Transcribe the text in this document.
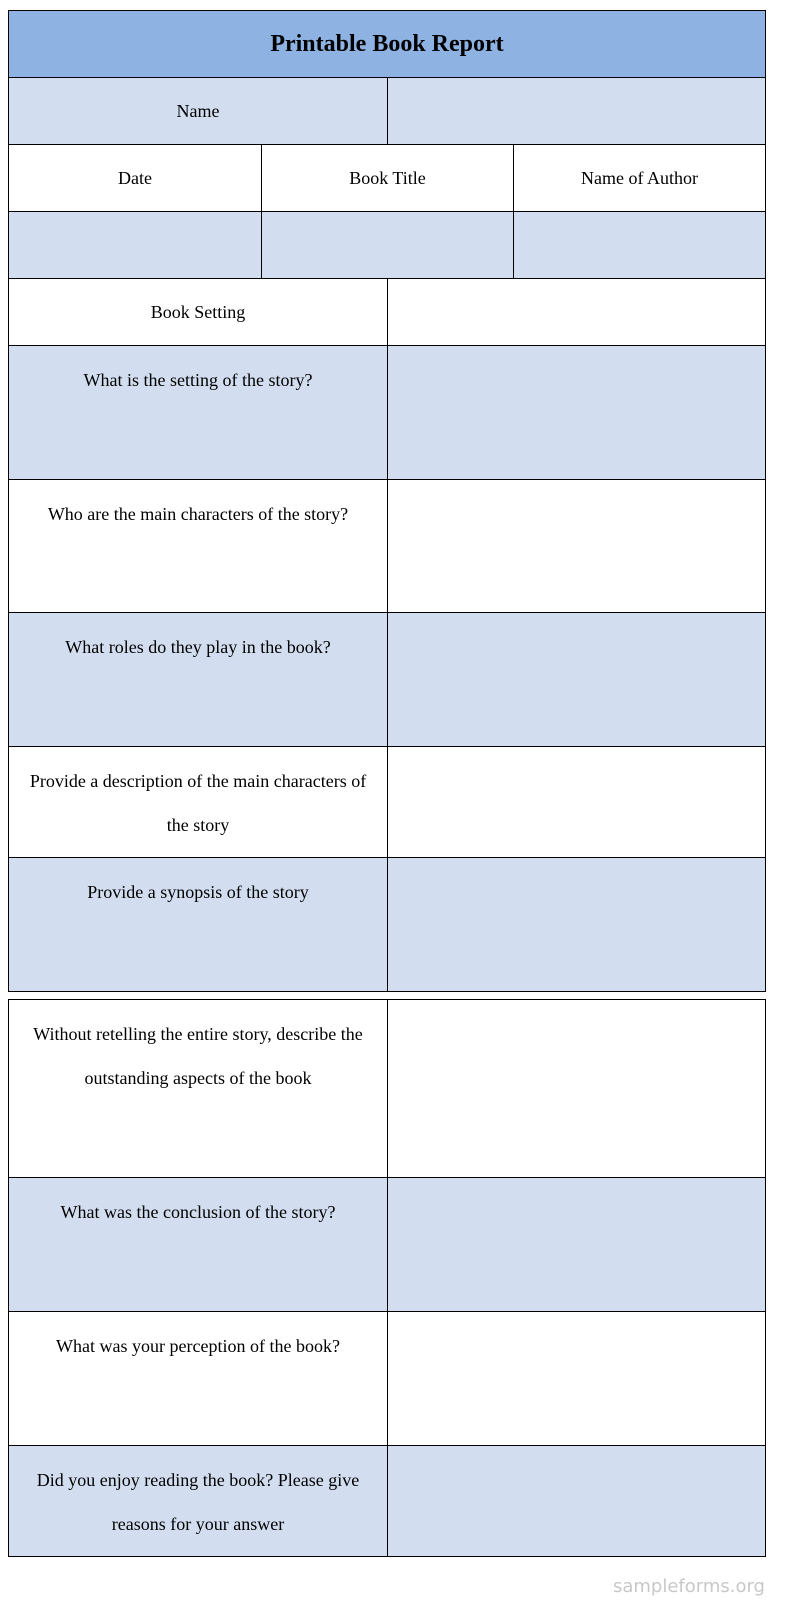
Printable Book Report
Name
Date	Book Title	Name of Author
Book Setting
What is the setting of the story?
Who are the main characters of the story?
What roles do they play in the book?
Provide a description of the main characters of the story
Provide a synopsis of the story
Without retelling the entire story, describe the outstanding aspects of the book
What was the conclusion of the story?
What was your perception of the book?
Did you enjoy reading the book? Please give reasons for your answer
sampleforms.org
